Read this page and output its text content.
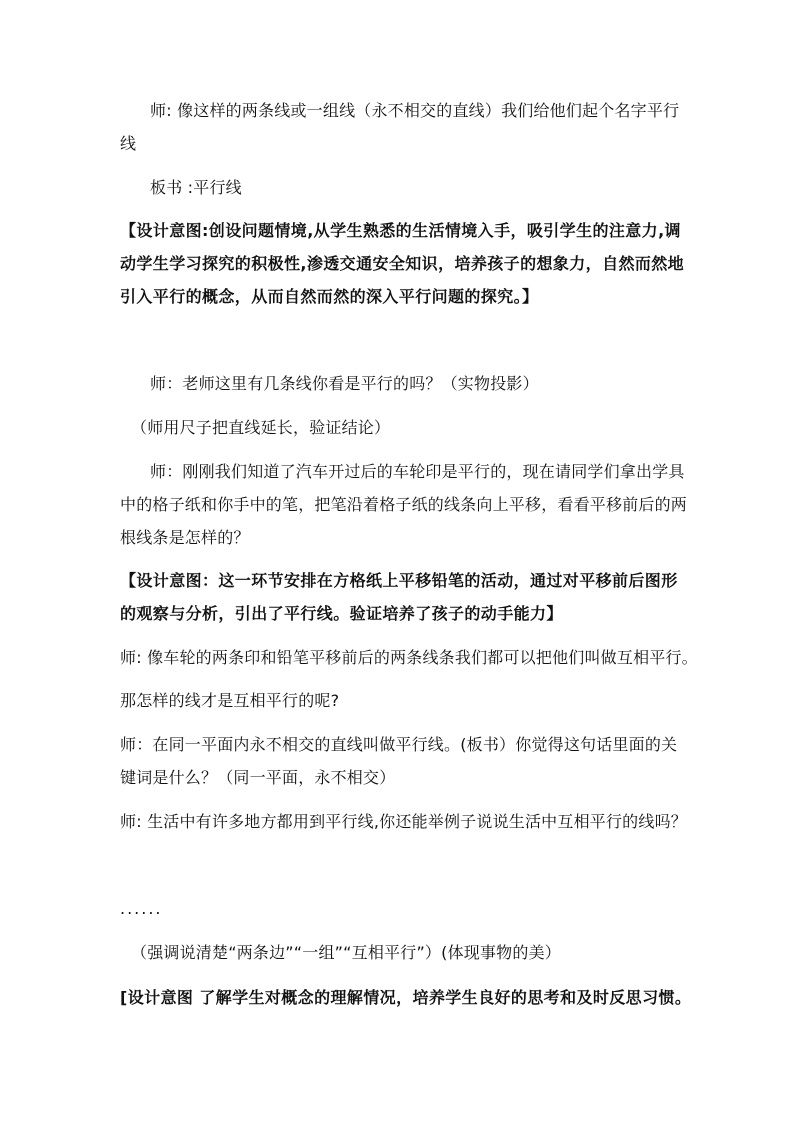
师: 像这样的两条线或一组线（永不相交的直线）我们给他们起个名字平行
线
板书 :平行线
【设计意图:创设问题情境,从学生熟悉的生活情境入手，吸引学生的注意力,调
动学生学习探究的积极性,渗透交通安全知识，培养孩子的想象力，自然而然地
引入平行的概念，从而自然而然的深入平行问题的探究。】
师：老师这里有几条线你看是平行的吗？（实物投影）
（师用尺子把直线延长，验证结论）
师：刚刚我们知道了汽车开过后的车轮印是平行的，现在请同学们拿出学具
中的格子纸和你手中的笔，把笔沿着格子纸的线条向上平移，看看平移前后的两
根线条是怎样的？
【设计意图：这一环节安排在方格纸上平移铅笔的活动，通过对平移前后图形
的观察与分析，引出了平行线。验证培养了孩子的动手能力】
师: 像车轮的两条印和铅笔平移前后的两条线条我们都可以把他们叫做互相平行。
那怎样的线才是互相平行的呢?
师：在同一平面内永不相交的直线叫做平行线。(板书）你觉得这句话里面的关
键词是什么？（同一平面，永不相交）
师: 生活中有许多地方都用到平行线,你还能举例子说说生活中互相平行的线吗？
......
（强调说清楚“两条边”“一组”“互相平行”）(体现事物的美）
[设计意图 了解学生对概念的理解情况，培养学生良好的思考和及时反思习惯。
